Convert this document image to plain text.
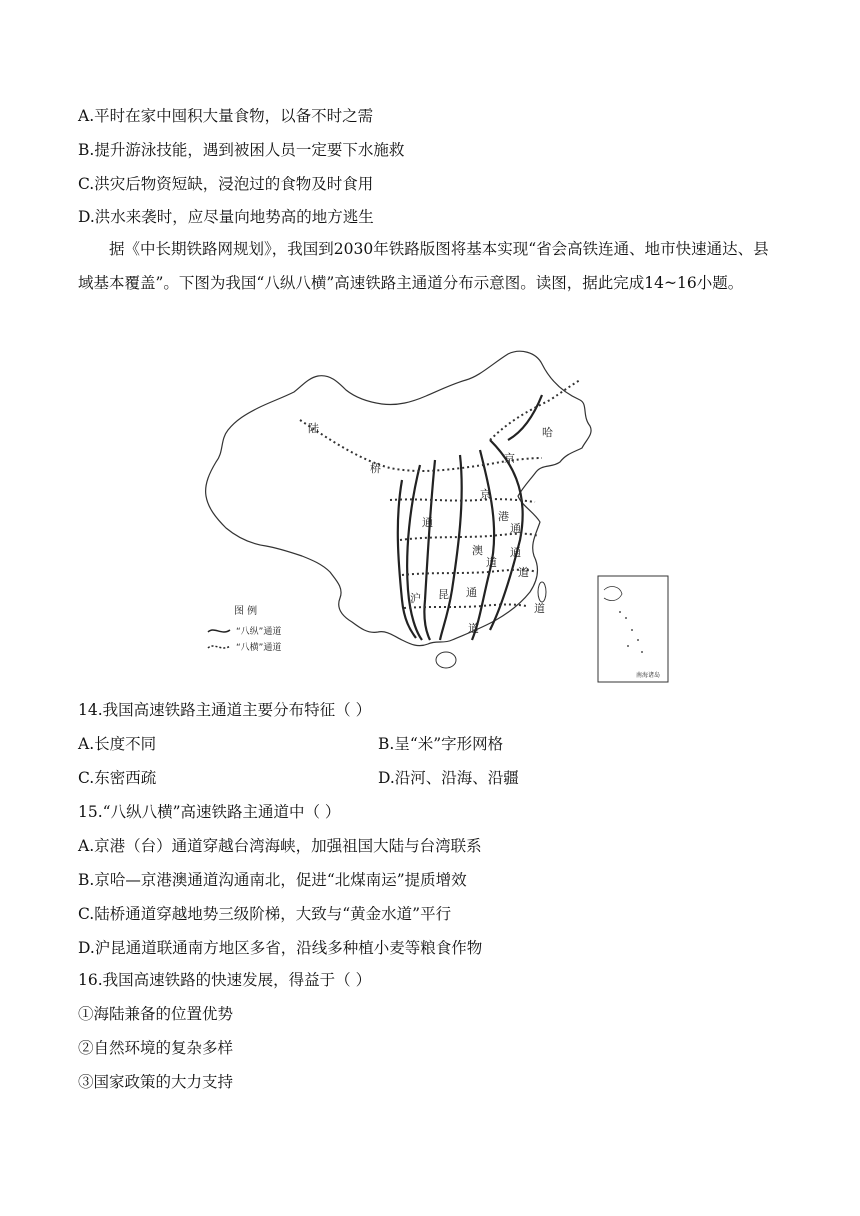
A.平时在家中囤积大量食物，以备不时之需
B.提升游泳技能，遇到被困人员一定要下水施救
C.洪灾后物资短缺，浸泡过的食物及时食用
D.洪水来袭时，应尽量向地势高的地方逃生
据《中长期铁路网规划》，我国到2030年铁路版图将基本实现“省会高铁连通、地市快速通达、县域基本覆盖”。下图为我国“八纵八横”高速铁路主通道分布示意图。读图，据此完成14~16小题。
陆
桥
通
哈
京
京
港
通
澳
道
沪 昆 通
道
道
通
道
图 例
“八纵”通道
“八横”通道
南海诸岛
14.我国高速铁路主通道主要分布特征（ ）
A.长度不同	B.呈“米”字形网格
C.东密西疏	D.沿河、沿海、沿疆
15.“八纵八横”高速铁路主通道中（ ）
A.京港（台）通道穿越台湾海峡，加强祖国大陆与台湾联系
B.京哈—京港澳通道沟通南北，促进“北煤南运”提质增效
C.陆桥通道穿越地势三级阶梯，大致与“黄金水道”平行
D.沪昆通道联通南方地区多省，沿线多种植小麦等粮食作物
16.我国高速铁路的快速发展，得益于（ ）
①海陆兼备的位置优势
②自然环境的复杂多样
③国家政策的大力支持
